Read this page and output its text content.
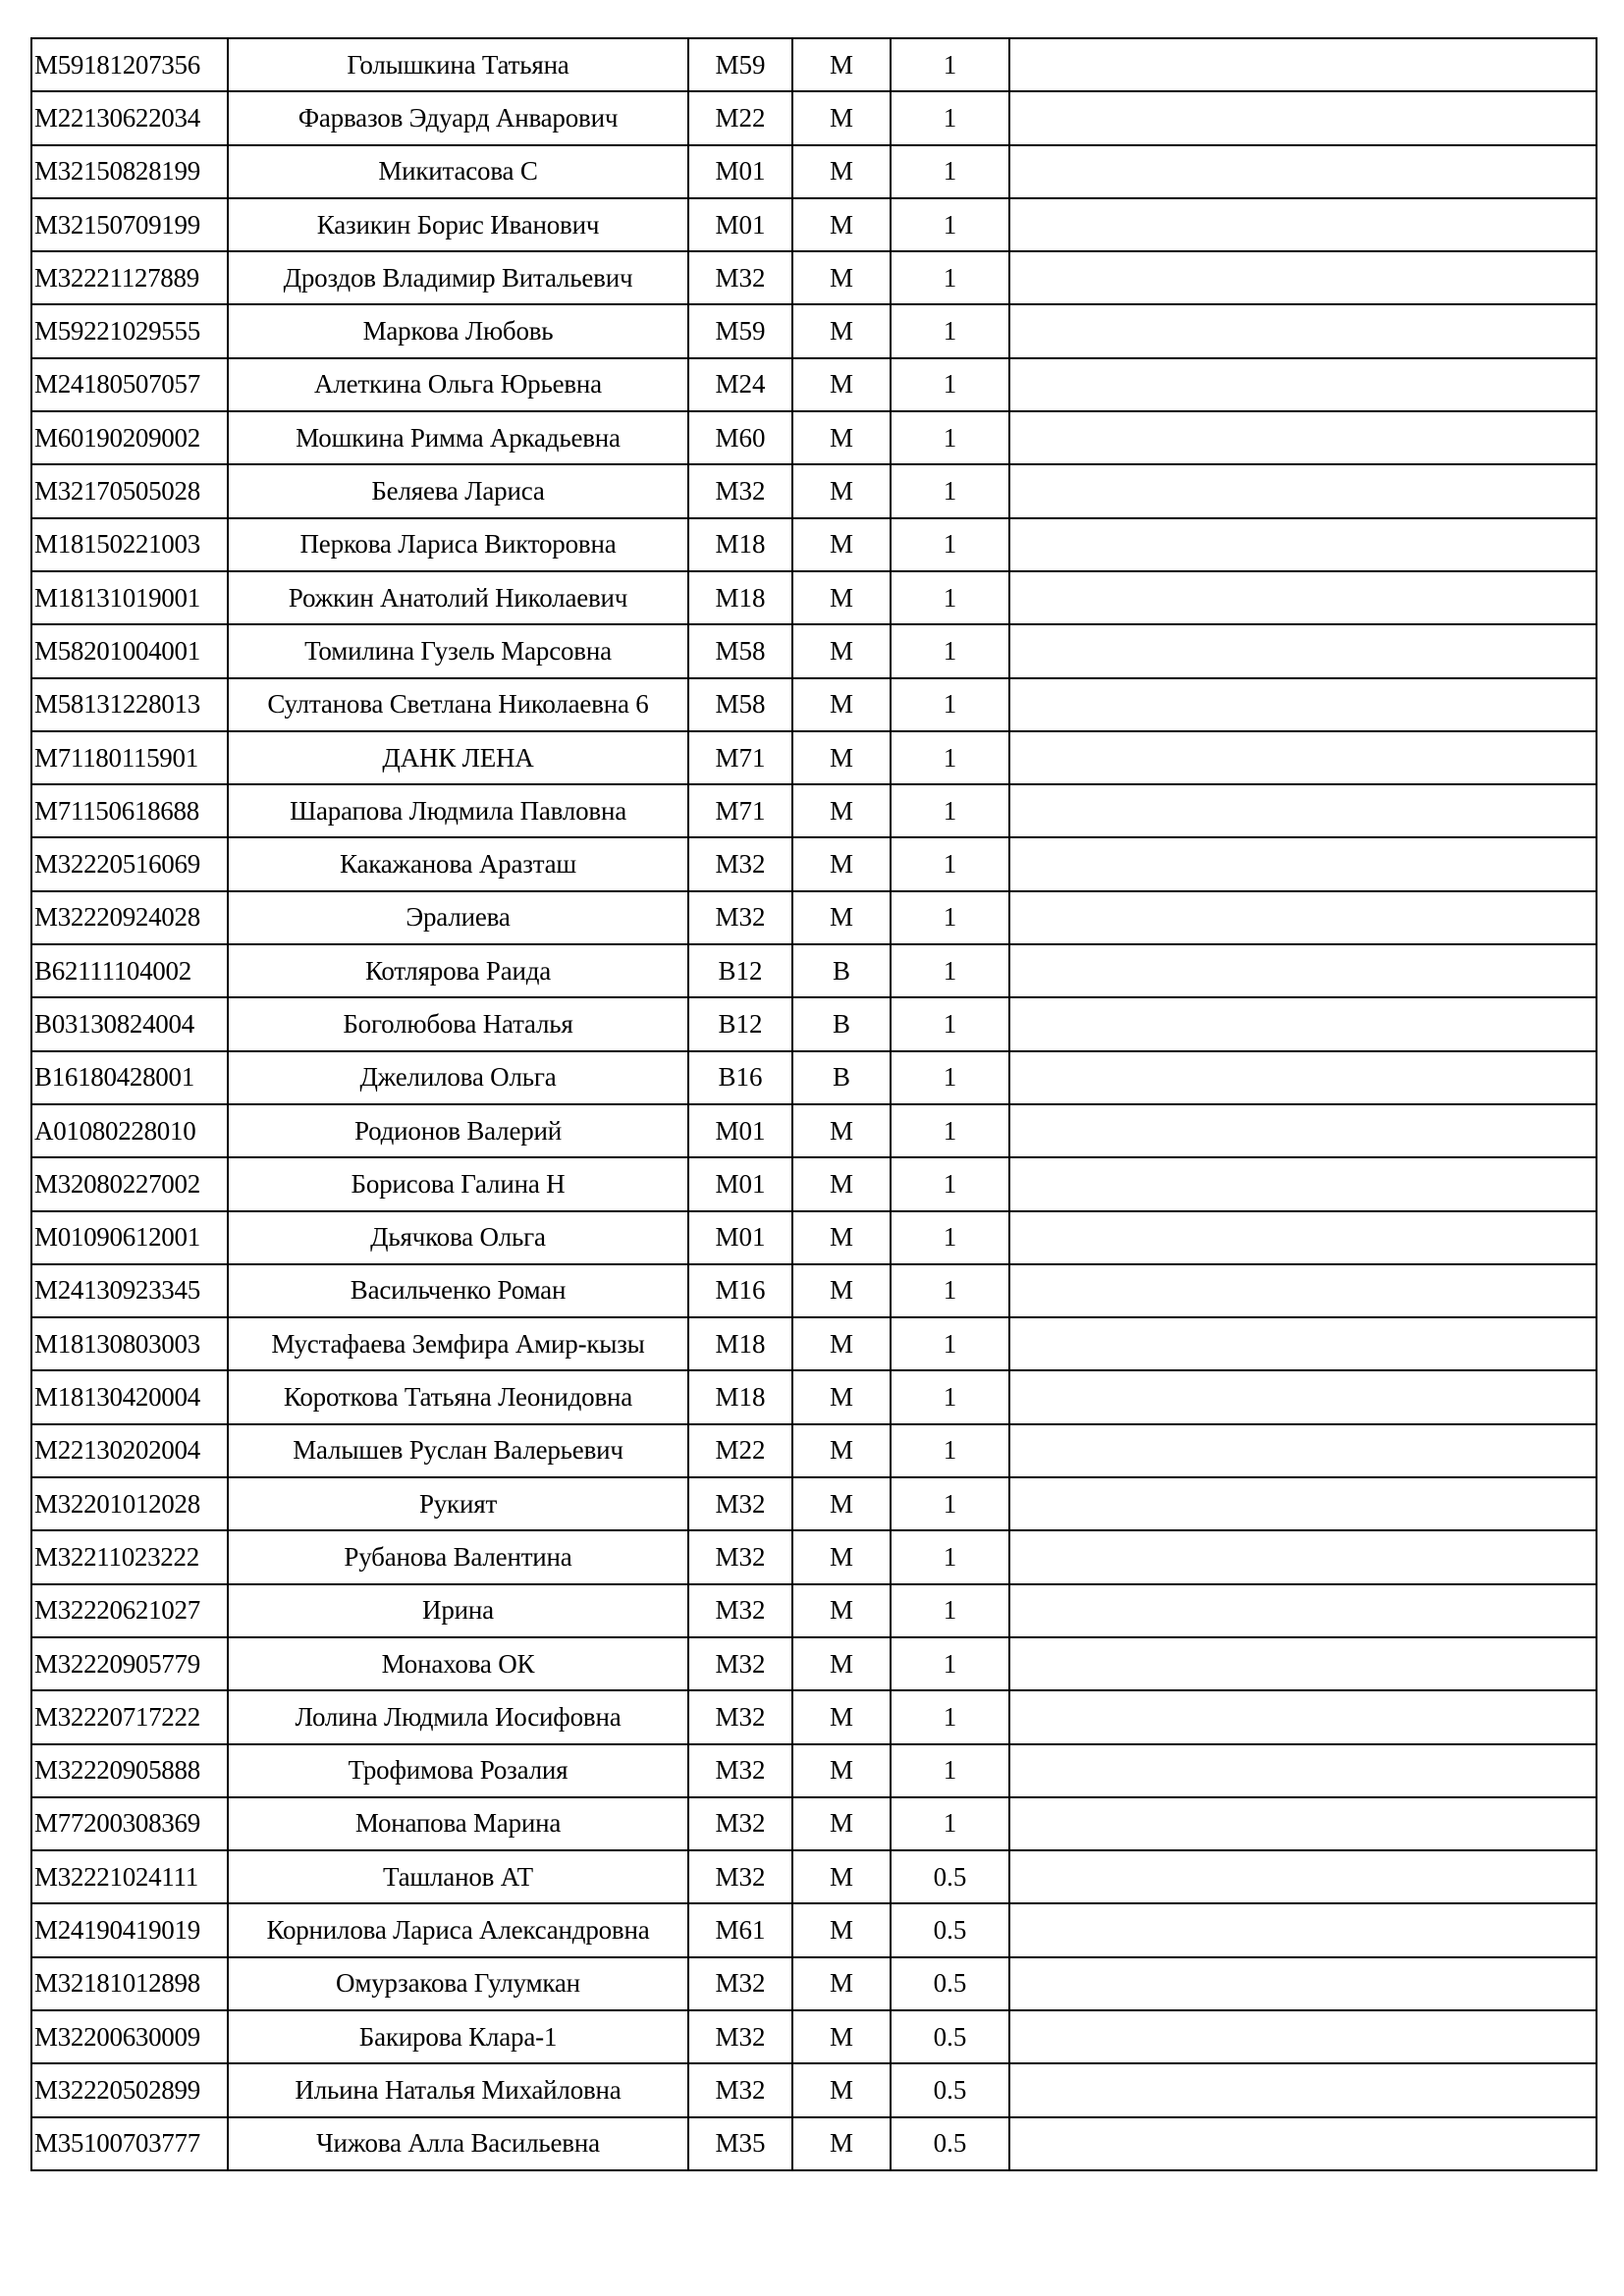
M59181207356	Голышкина Татьяна	M59	M	1	
M22130622034	Фарвазов Эдуард Анварович	M22	M	1	
M32150828199	Микитасова С	M01	M	1	
M32150709199	Казикин Борис Иванович	M01	M	1	
M32221127889	Дроздов Владимир Витальевич	M32	M	1	
M59221029555	Маркова Любовь	M59	M	1	
M24180507057	Алеткина Ольга Юрьевна	M24	M	1	
M60190209002	Мошкина Римма Аркадьевна	M60	M	1	
M32170505028	Беляева Лариса	M32	M	1	
M18150221003	Перкова Лариса Викторовна	M18	M	1	
M18131019001	Рожкин Анатолий Николаевич	M18	M	1	
M58201004001	Томилина Гузель Марсовна	M58	M	1	
M58131228013	Султанова Светлана Николаевна 6	M58	M	1	
M71180115901	ДАНК ЛЕНА	M71	M	1	
M71150618688	Шарапова Людмила Павловна	M71	M	1	
M32220516069	Какажанова Аразташ	M32	M	1	
M32220924028	Эралиева	M32	M	1	
B62111104002	Котлярова Раида	B12	B	1	
B03130824004	Боголюбова Наталья	B12	B	1	
B16180428001	Джелилова Ольга	B16	B	1	
A01080228010	Родионов Валерий	M01	M	1	
M32080227002	Борисова Галина Н	M01	M	1	
M01090612001	Дьячкова Ольга	M01	M	1	
M24130923345	Васильченко Роман	M16	M	1	
M18130803003	Мустафаева Земфира Амир-кызы	M18	M	1	
M18130420004	Короткова Татьяна Леонидовна	M18	M	1	
M22130202004	Малышев Руслан Валерьевич	M22	M	1	
M32201012028	Рукият	M32	M	1	
M32211023222	Рубанова Валентина	M32	M	1	
M32220621027	Ирина	M32	M	1	
M32220905779	Монахова ОК	M32	M	1	
M32220717222	Лолина Людмила Иосифовна	M32	M	1	
M32220905888	Трофимова Розалия	M32	M	1	
M77200308369	Монапова Марина	M32	M	1	
M32221024111	Ташланов АТ	M32	M	0.5	
M24190419019	Корнилова Лариса Александровна	M61	M	0.5	
M32181012898	Омурзакова Гулумкан	M32	M	0.5	
M32200630009	Бакирова Клара-1	M32	M	0.5	
M32220502899	Ильина Наталья Михайловна	M32	M	0.5	
M35100703777	Чижова Алла Васильевна	M35	M	0.5	
